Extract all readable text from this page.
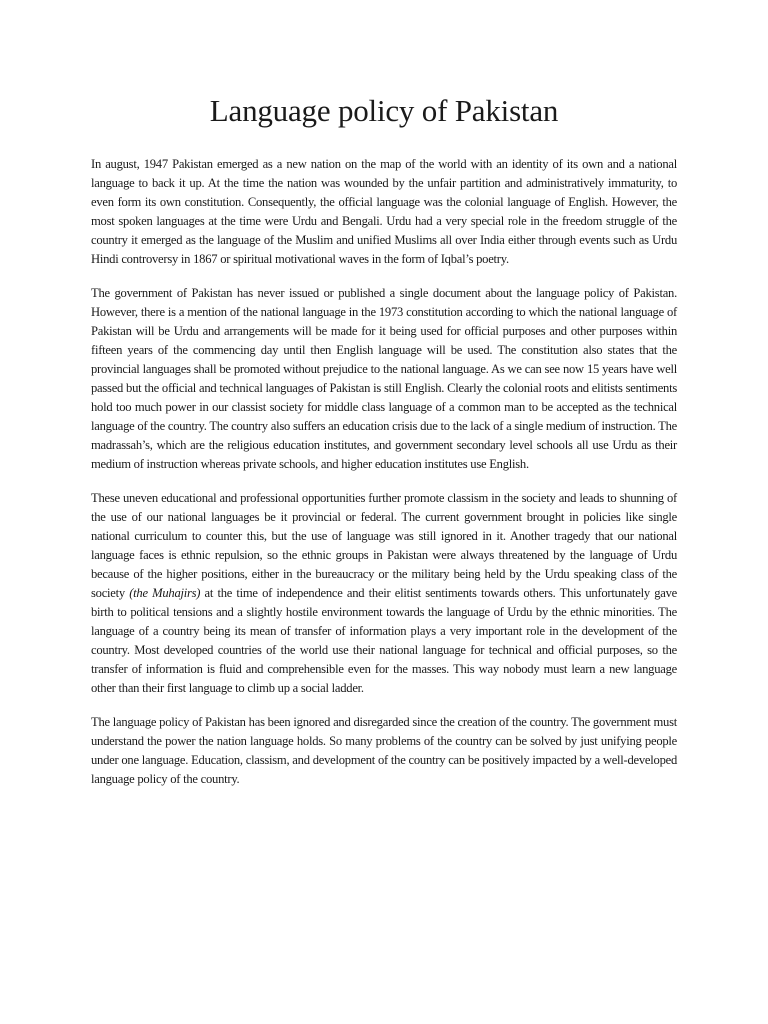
Language policy of Pakistan

In august, 1947 Pakistan emerged as a new nation on the map of the world with an identity of its own and a national language to back it up. At the time the nation was wounded by the unfair partition and administratively immaturity, to even form its own constitution. Consequently, the official language was the colonial language of English. However, the most spoken languages at the time were Urdu and Bengali. Urdu had a very special role in the freedom struggle of the country it emerged as the language of the Muslim and unified Muslims all over India either through events such as Urdu Hindi controversy in 1867 or spiritual motivational waves in the form of Iqbal’s poetry.

The government of Pakistan has never issued or published a single document about the language policy of Pakistan. However, there is a mention of the national language in the 1973 constitution according to which the national language of Pakistan will be Urdu and arrangements will be made for it being used for official purposes and other purposes within fifteen years of the commencing day until then English language will be used. The constitution also states that the provincial languages shall be promoted without prejudice to the national language. As we can see now 15 years have well passed but the official and technical languages of Pakistan is still English. Clearly the colonial roots and elitists sentiments hold too much power in our classist society for middle class language of a common man to be accepted as the technical language of the country. The country also suffers an education crisis due to the lack of a single medium of instruction. The madrassah’s, which are the religious education institutes, and government secondary level schools all use Urdu as their medium of instruction whereas private schools, and higher education institutes use English.

These uneven educational and professional opportunities further promote classism in the society and leads to shunning of the use of our national languages be it provincial or federal. The current government brought in policies like single national curriculum to counter this, but the use of language was still ignored in it. Another tragedy that our national language faces is ethnic repulsion, so the ethnic groups in Pakistan were always threatened by the language of Urdu because of the higher positions, either in the bureaucracy or the military being held by the Urdu speaking class of the society (the Muhajirs) at the time of independence and their elitist sentiments towards others. This unfortunately gave birth to political tensions and a slightly hostile environment towards the language of Urdu by the ethnic minorities. The language of a country being its mean of transfer of information plays a very important role in the development of the country. Most developed countries of the world use their national language for technical and official purposes, so the transfer of information is fluid and comprehensible even for the masses. This way nobody must learn a new language other than their first language to climb up a social ladder.

The language policy of Pakistan has been ignored and disregarded since the creation of the country. The government must understand the power the nation language holds. So many problems of the country can be solved by just unifying people under one language. Education, classism, and development of the country can be positively impacted by a well-developed language policy of the country.
